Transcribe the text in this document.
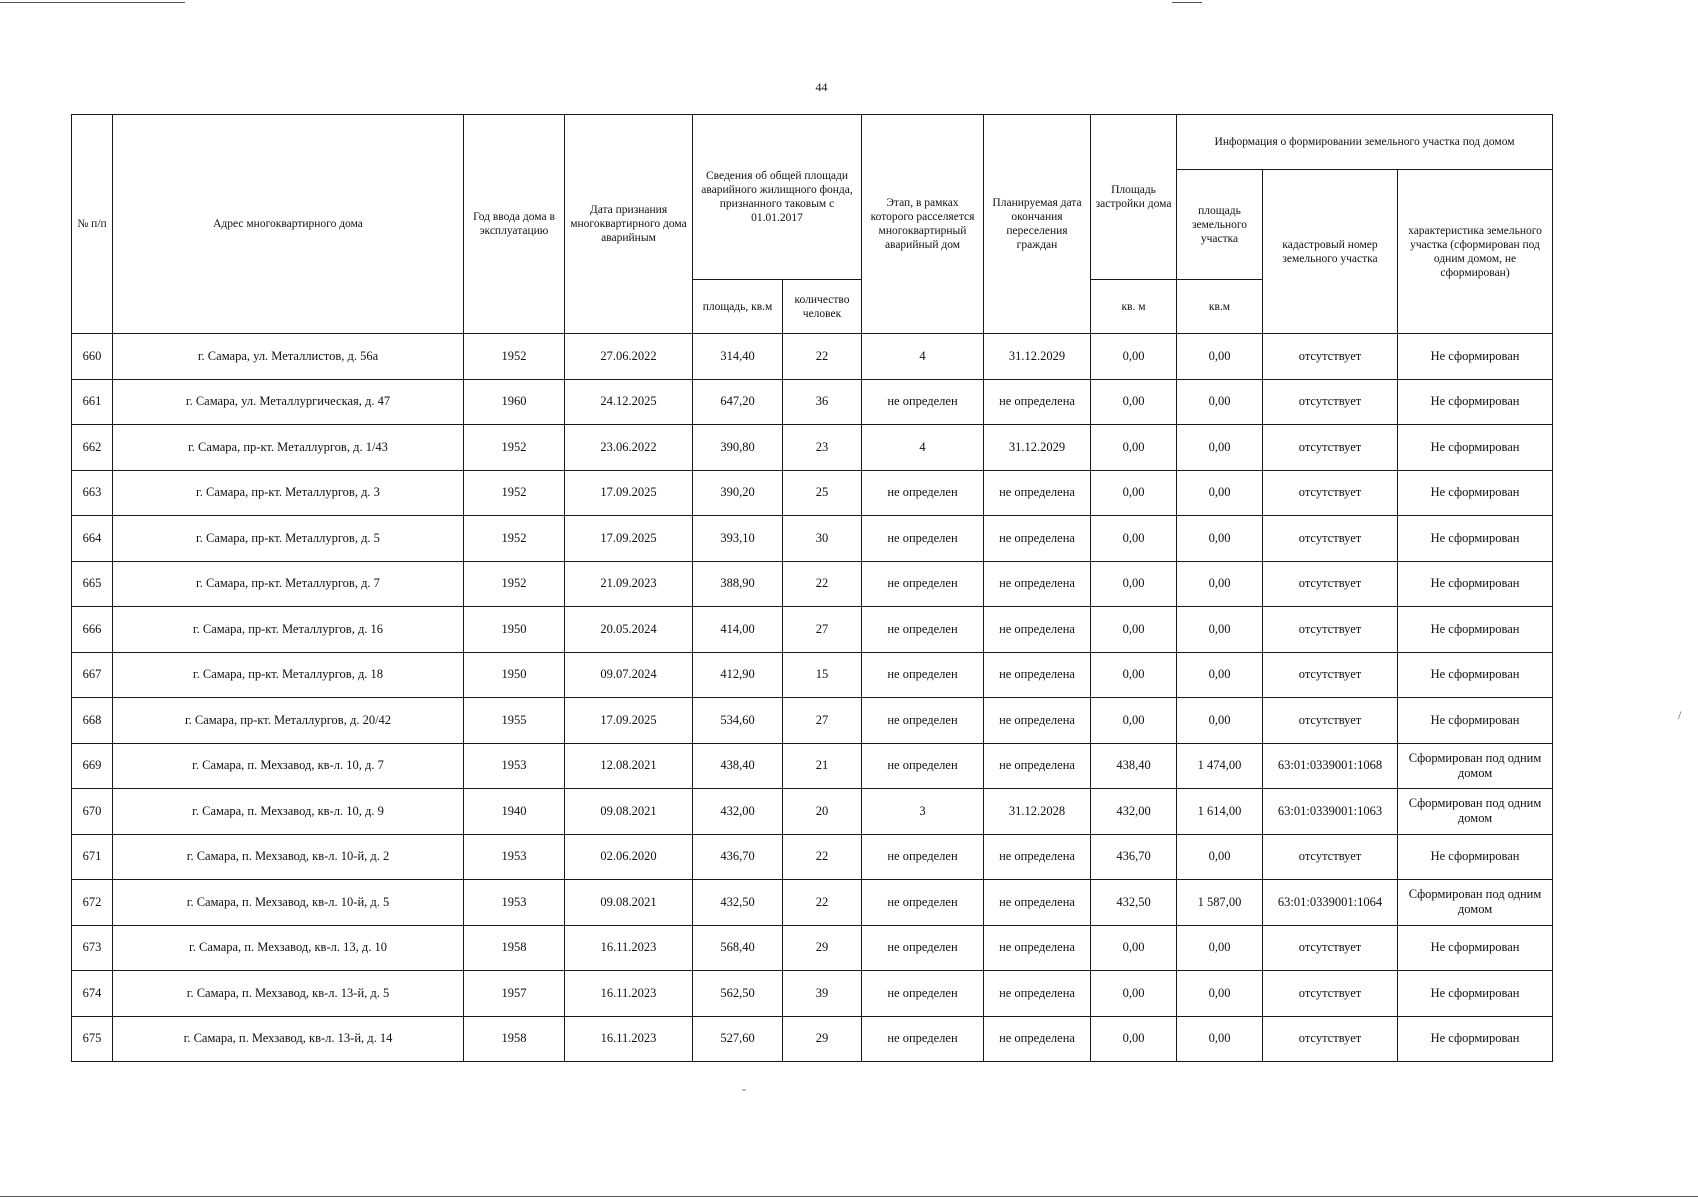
44
№ п/п	Адрес многоквартирного дома	Год ввода дома в эксплуатацию	Дата признания многоквартирного дома аварийным	Сведения об общей площади аварийного жилищного фонда, признанного таковым с 01.01.2017		Этап, в рамках которого расселяется многоквартирный аварийный дом	Планируемая дата окончания переселения граждан	Площадь застройки дома	Информация о формировании земельного участка под домом		
									площадь земельного участка	кадастровый номер земельного участка	характеристика земельного участка (сформирован под одним домом, не сформирован)
				площадь, кв.м	количество человек			кв. м	кв.м		
660	г. Самара, ул. Металлистов, д. 56а	1952	27.06.2022	314,40	22	4	31.12.2029	0,00	0,00	отсутствует	Не сформирован
661	г. Самара, ул. Металлургическая, д. 47	1960	24.12.2025	647,20	36	не определен	не определена	0,00	0,00	отсутствует	Не сформирован
662	г. Самара, пр-кт. Металлургов, д. 1/43	1952	23.06.2022	390,80	23	4	31.12.2029	0,00	0,00	отсутствует	Не сформирован
663	г. Самара, пр-кт. Металлургов, д. 3	1952	17.09.2025	390,20	25	не определен	не определена	0,00	0,00	отсутствует	Не сформирован
664	г. Самара, пр-кт. Металлургов, д. 5	1952	17.09.2025	393,10	30	не определен	не определена	0,00	0,00	отсутствует	Не сформирован
665	г. Самара, пр-кт. Металлургов, д. 7	1952	21.09.2023	388,90	22	не определен	не определена	0,00	0,00	отсутствует	Не сформирован
666	г. Самара, пр-кт. Металлургов, д. 16	1950	20.05.2024	414,00	27	не определен	не определена	0,00	0,00	отсутствует	Не сформирован
667	г. Самара, пр-кт. Металлургов, д. 18	1950	09.07.2024	412,90	15	не определен	не определена	0,00	0,00	отсутствует	Не сформирован
668	г. Самара, пр-кт. Металлургов, д. 20/42	1955	17.09.2025	534,60	27	не определен	не определена	0,00	0,00	отсутствует	Не сформирован
669	г. Самара, п. Мехзавод, кв-л. 10, д. 7	1953	12.08.2021	438,40	21	не определен	не определена	438,40	1 474,00	63:01:0339001:1068	Сформирован под одним домом
670	г. Самара, п. Мехзавод, кв-л. 10, д. 9	1940	09.08.2021	432,00	20	3	31.12.2028	432,00	1 614,00	63:01:0339001:1063	Сформирован под одним домом
671	г. Самара, п. Мехзавод, кв-л. 10-й, д. 2	1953	02.06.2020	436,70	22	не определен	не определена	436,70	0,00	отсутствует	Не сформирован
672	г. Самара, п. Мехзавод, кв-л. 10-й, д. 5	1953	09.08.2021	432,50	22	не определен	не определена	432,50	1 587,00	63:01:0339001:1064	Сформирован под одним домом
673	г. Самара, п. Мехзавод, кв-л. 13, д. 10	1958	16.11.2023	568,40	29	не определен	не определена	0,00	0,00	отсутствует	Не сформирован
674	г. Самара, п. Мехзавод, кв-л. 13-й, д. 5	1957	16.11.2023	562,50	39	не определен	не определена	0,00	0,00	отсутствует	Не сформирован
675	г. Самара, п. Мехзавод, кв-л. 13-й, д. 14	1958	16.11.2023	527,60	29	не определен	не определена	0,00	0,00	отсутствует	Не сформирован
/
-
